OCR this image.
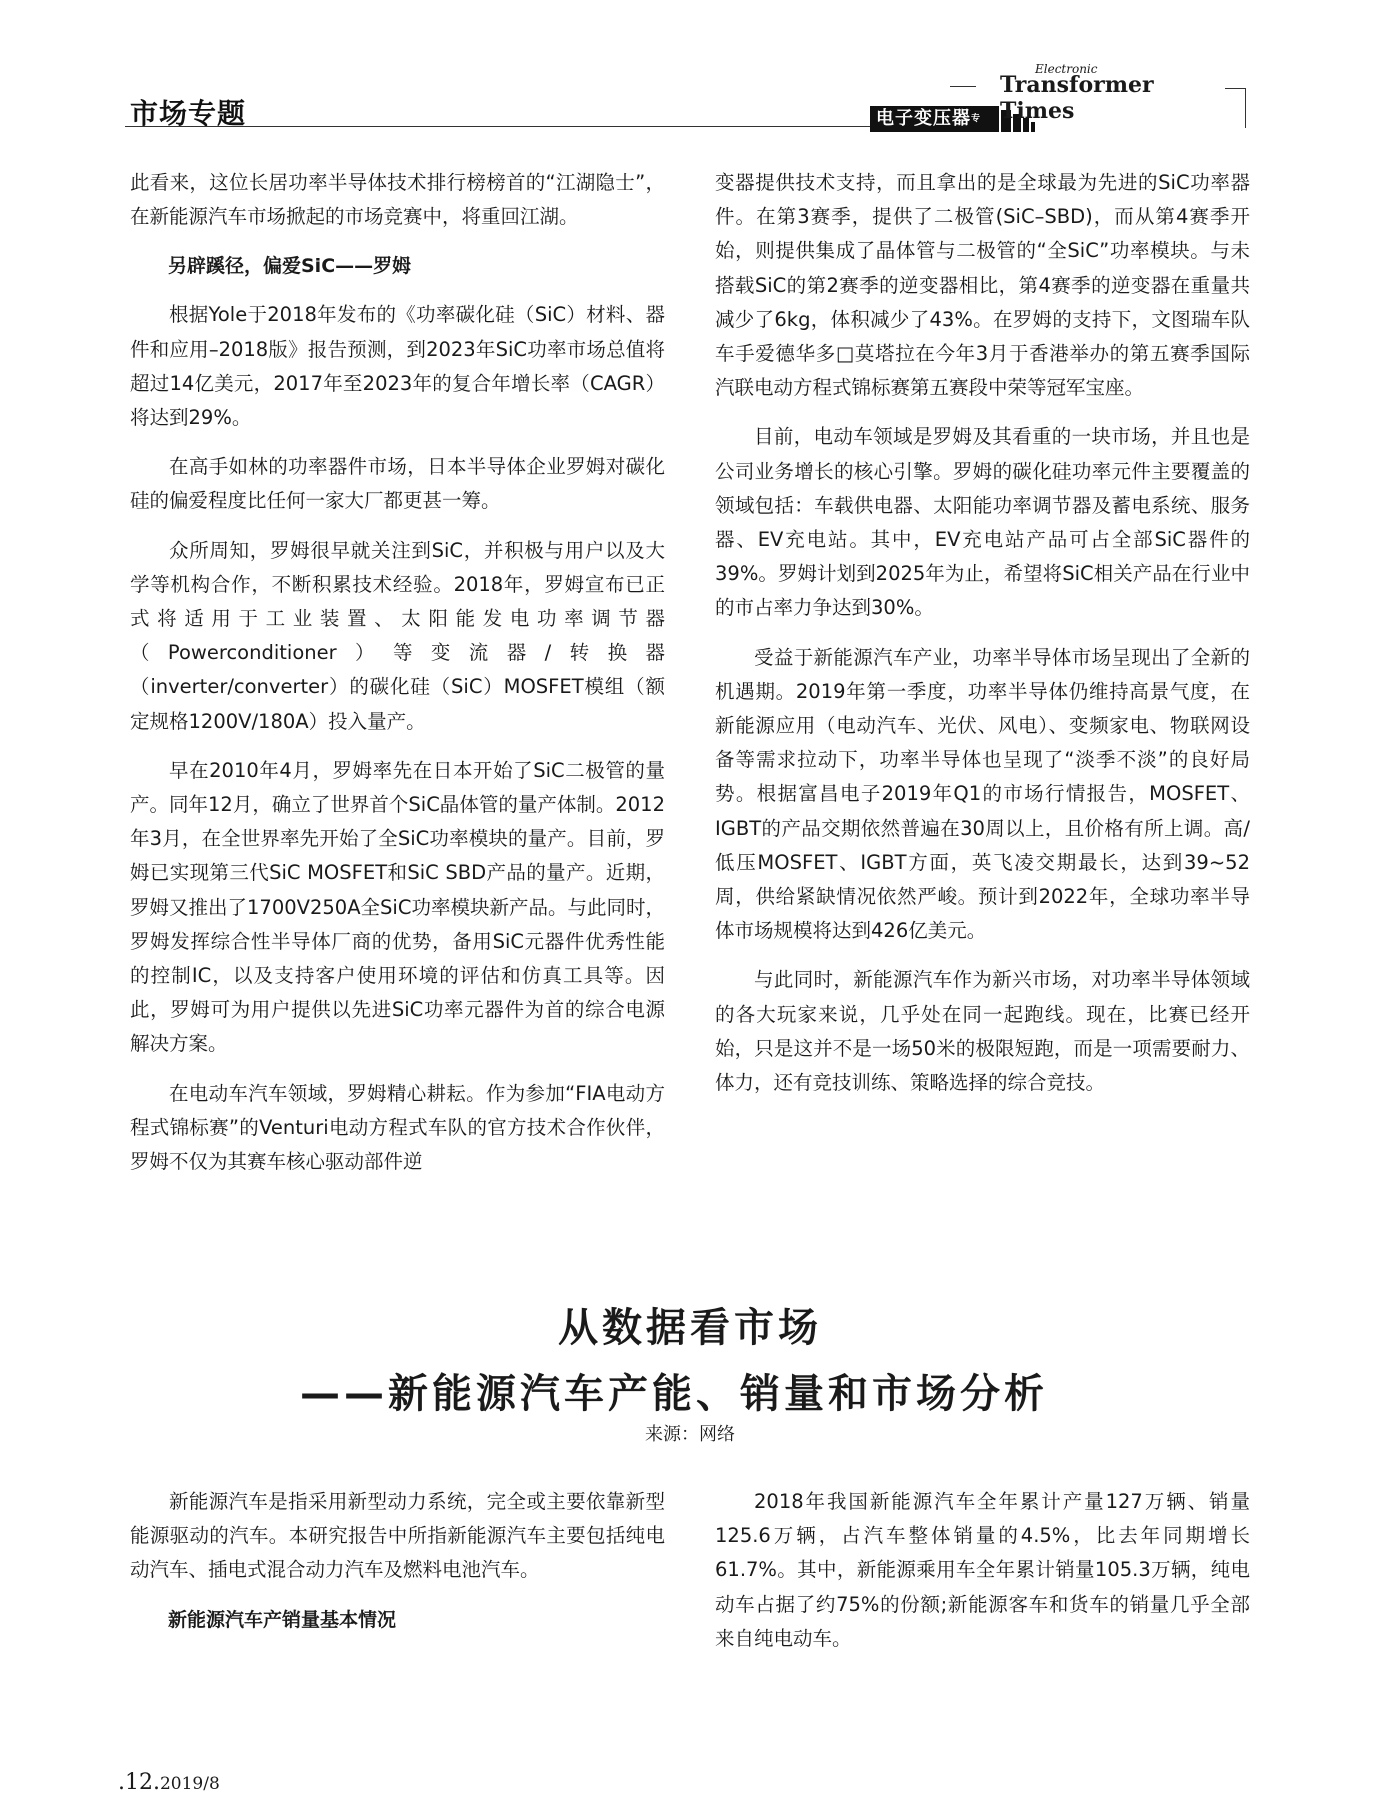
市场专题	电子变压器$^{专辑}$
Electronic
Transformer Times

此看来，这位长居功率半导体技术排行榜榜首的“江湖隐士”，在新能源汽车市场掀起的市场竞赛中，将重回江湖。

另辟蹊径，偏爱SiC——罗姆

根据Yole于2018年发布的《功率碳化硅（SiC）材料、器件和应用–2018版》报告预测，到2023年SiC功率市场总值将超过14亿美元，2017年至2023年的复合年增长率（CAGR）将达到29%。

在高手如林的功率器件市场，日本半导体企业罗姆对碳化硅的偏爱程度比任何一家大厂都更甚一筹。

众所周知，罗姆很早就关注到SiC，并积极与用户以及大学等机构合作，不断积累技术经验。2018年，罗姆宣布已正式将适用于工业装置、太阳能发电功率调节器（Powerconditioner）等变流器/转换器（inverter/converter）的碳化硅（SiC）MOSFET模组（额定规格1200V/180A）投入量产。

早在2010年4月，罗姆率先在日本开始了SiC二极管的量产。同年12月，确立了世界首个SiC晶体管的量产体制。2012年3月，在全世界率先开始了全SiC功率模块的量产。目前，罗姆已实现第三代SiC MOSFET和SiC SBD产品的量产。近期，罗姆又推出了1700V250A全SiC功率模块新产品。与此同时，罗姆发挥综合性半导体厂商的优势，备用SiC元器件优秀性能的控制IC，以及支持客户使用环境的评估和仿真工具等。因此，罗姆可为用户提供以先进SiC功率元器件为首的综合电源解决方案。

在电动车汽车领域，罗姆精心耕耘。作为参加“FIA电动方程式锦标赛”的Venturi电动方程式车队的官方技术合作伙伴，罗姆不仅为其赛车核心驱动部件逆

变器提供技术支持，而且拿出的是全球最为先进的SiC功率器件。在第3赛季，提供了二极管(SiC–SBD)，而从第4赛季开始，则提供集成了晶体管与二极管的“全SiC”功率模块。与未搭载SiC的第2赛季的逆变器相比，第4赛季的逆变器在重量共减少了6kg，体积减少了43%。在罗姆的支持下，文图瑞车队车手爱德华多□莫塔拉在今年3月于香港举办的第五赛季国际汽联电动方程式锦标赛第五赛段中荣等冠军宝座。

目前，电动车领域是罗姆及其看重的一块市场，并且也是公司业务增长的核心引擎。罗姆的碳化硅功率元件主要覆盖的领域包括：车载供电器、太阳能功率调节器及蓄电系统、服务器、EV充电站。其中，EV充电站产品可占全部SiC器件的39%。罗姆计划到2025年为止，希望将SiC相关产品在行业中的市占率力争达到30%。

受益于新能源汽车产业，功率半导体市场呈现出了全新的机遇期。2019年第一季度，功率半导体仍维持高景气度，在新能源应用（电动汽车、光伏、风电）、变频家电、物联网设备等需求拉动下，功率半导体也呈现了“淡季不淡”的良好局势。根据富昌电子2019年Q1的市场行情报告，MOSFET、IGBT的产品交期依然普遍在30周以上，且价格有所上调。高/低压MOSFET、IGBT方面，英飞凌交期最长，达到39~52周，供给紧缺情况依然严峻。预计到2022年，全球功率半导体市场规模将达到426亿美元。

与此同时，新能源汽车作为新兴市场，对功率半导体领域的各大玩家来说，几乎处在同一起跑线。现在，比赛已经开始，只是这并不是一场50米的极限短跑，而是一项需要耐力、体力，还有竞技训练、策略选择的综合竞技。

从数据看市场
——新能源汽车产能、销量和市场分析
来源：网络

新能源汽车是指采用新型动力系统，完全或主要依靠新型能源驱动的汽车。本研究报告中所指新能源汽车主要包括纯电动汽车、插电式混合动力汽车及燃料电池汽车。

新能源汽车产销量基本情况

2018年我国新能源汽车全年累计产量127万辆、销量125.6万辆，占汽车整体销量的4.5%，比去年同期增长61.7%。其中，新能源乘用车全年累计销量105.3万辆，纯电动车占据了约75%的份额;新能源客车和货车的销量几乎全部来自纯电动车。

.12.2019/8
